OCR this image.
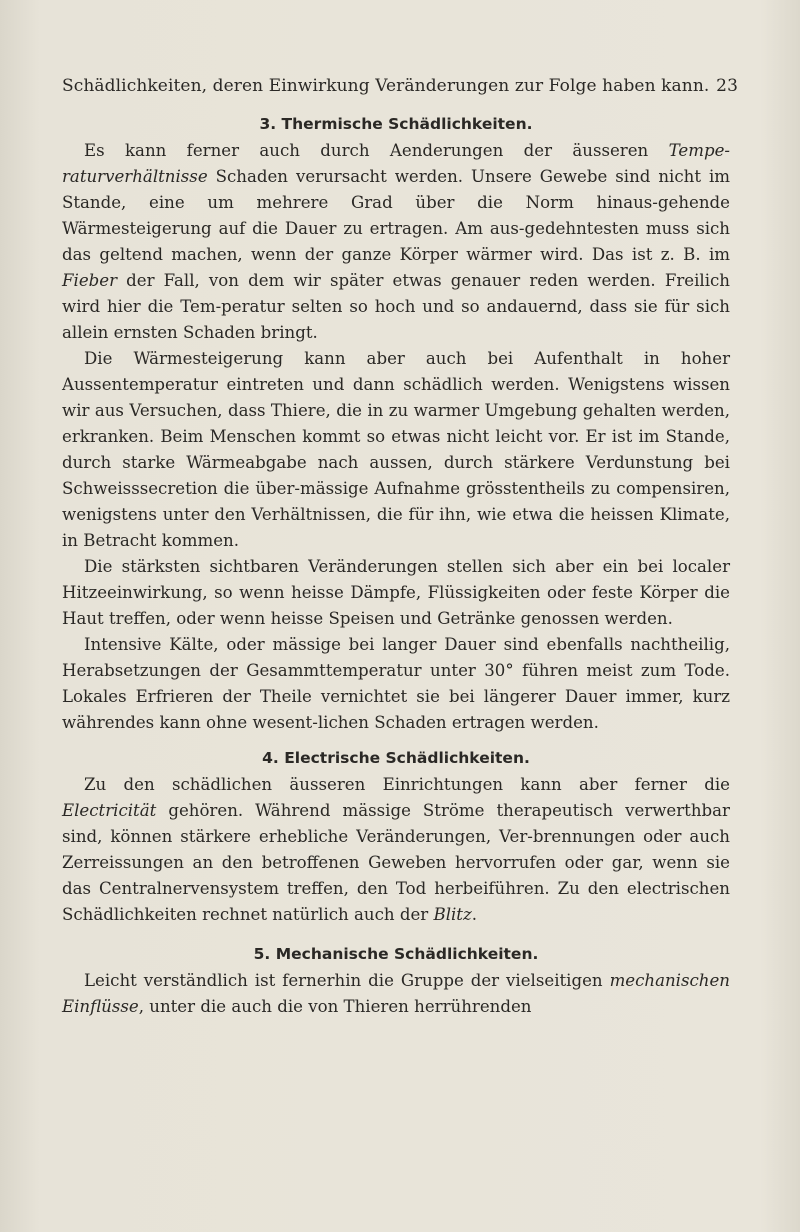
Schädlichkeiten, deren Einwirkung Veränderungen zur Folge haben kann. 23
3. Thermische Schädlichkeiten.

Es kann ferner auch durch Aenderungen der äusseren Tempe-raturverhältnisse Schaden verursacht werden. Unsere Gewebe sind nicht im Stande, eine um mehrere Grad über die Norm hinaus-gehende Wärmesteigerung auf die Dauer zu ertragen. Am aus-gedehntesten muss sich das geltend machen, wenn der ganze Körper wärmer wird. Das ist z. B. im Fieber der Fall, von dem wir später etwas genauer reden werden. Freilich wird hier die Tem-peratur selten so hoch und so andauernd, dass sie für sich allein ernsten Schaden bringt.

Die Wärmesteigerung kann aber auch bei Aufenthalt in hoher Aussentemperatur eintreten und dann schädlich werden. Wenigstens wissen wir aus Versuchen, dass Thiere, die in zu warmer Umgebung gehalten werden, erkranken. Beim Menschen kommt so etwas nicht leicht vor. Er ist im Stande, durch starke Wärmeabgabe nach aussen, durch stärkere Verdunstung bei Schweisssecretion die über-mässige Aufnahme grösstentheils zu compensiren, wenigstens unter den Verhältnissen, die für ihn, wie etwa die heissen Klimate, in Betracht kommen.

Die stärksten sichtbaren Veränderungen stellen sich aber ein bei localer Hitzeeinwirkung, so wenn heisse Dämpfe, Flüssigkeiten oder feste Körper die Haut treffen, oder wenn heisse Speisen und Getränke genossen werden.

Intensive Kälte, oder mässige bei langer Dauer sind ebenfalls nachtheilig, Herabsetzungen der Gesammttemperatur unter 30° führen meist zum Tode. Lokales Erfrieren der Theile vernichtet sie bei längerer Dauer immer, kurz währendes kann ohne wesent-lichen Schaden ertragen werden.

4. Electrische Schädlichkeiten.

Zu den schädlichen äusseren Einrichtungen kann aber ferner die Electricität gehören. Während mässige Ströme therapeutisch verwerthbar sind, können stärkere erhebliche Veränderungen, Ver-brennungen oder auch Zerreissungen an den betroffenen Geweben hervorrufen oder gar, wenn sie das Centralnervensystem treffen, den Tod herbeiführen. Zu den electrischen Schädlichkeiten rechnet natürlich auch der Blitz.

5. Mechanische Schädlichkeiten.

Leicht verständlich ist fernerhin die Gruppe der vielseitigen mechanischen Einflüsse, unter die auch die von Thieren herrührenden
